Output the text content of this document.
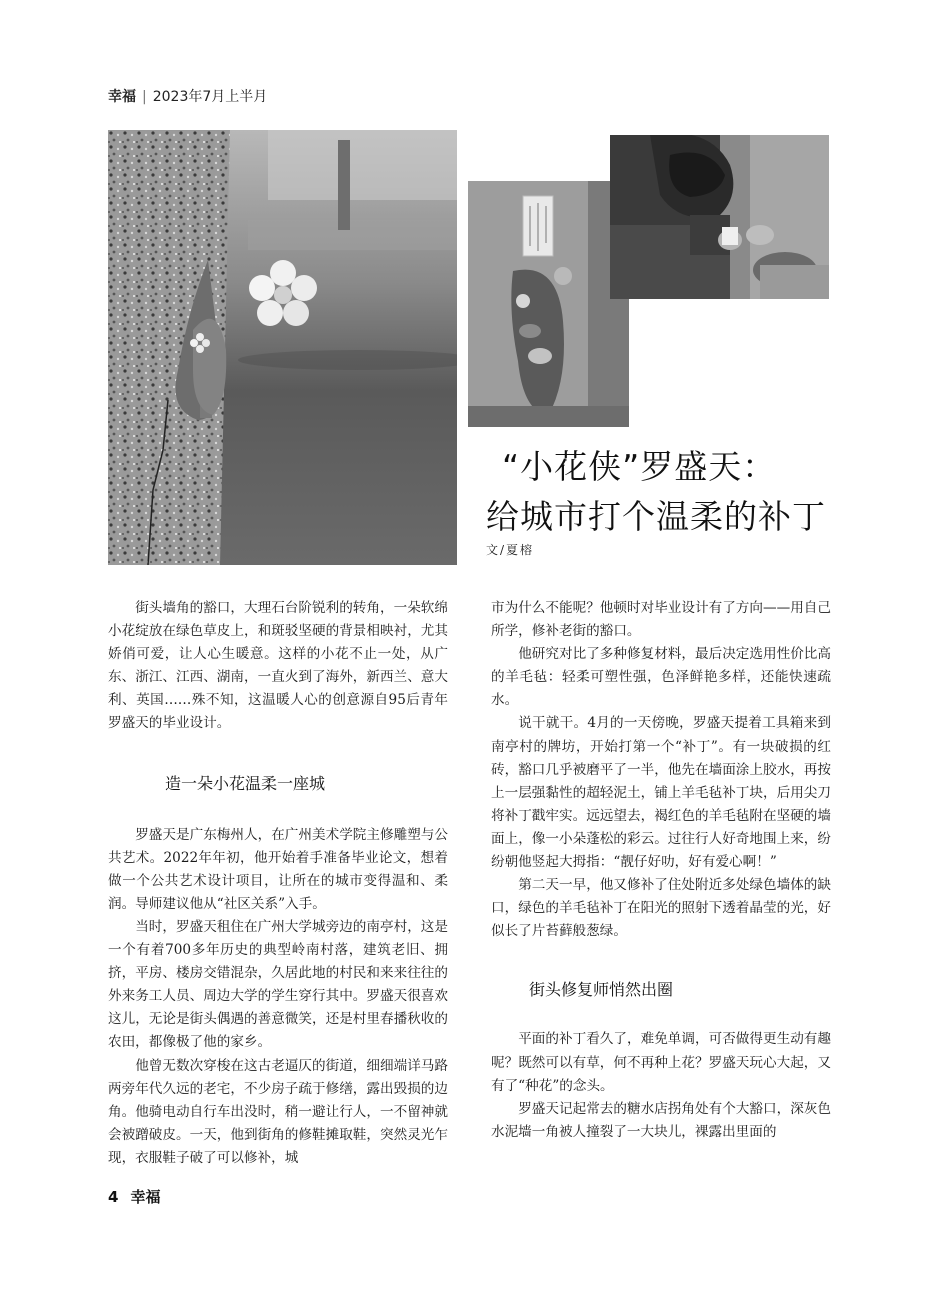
幸福 | 2023年7月上半月
“小花侠”罗盛天：
给城市打个温柔的补丁
文/夏榕

街头墙角的豁口，大理石台阶锐利的转角，一朵软绵小花绽放在绿色草皮上，和斑驳坚硬的背景相映衬，尤其娇俏可爱，让人心生暖意。这样的小花不止一处，从广东、浙江、江西、湖南，一直火到了海外，新西兰、意大利、英国……殊不知，这温暖人心的创意源自95后青年罗盛天的毕业设计。

造一朵小花温柔一座城

罗盛天是广东梅州人，在广州美术学院主修雕塑与公共艺术。2022年年初，他开始着手准备毕业论文，想着做一个公共艺术设计项目，让所在的城市变得温和、柔润。导师建议他从“社区关系”入手。

当时，罗盛天租住在广州大学城旁边的南亭村，这是一个有着700多年历史的典型岭南村落，建筑老旧、拥挤，平房、楼房交错混杂，久居此地的村民和来来往往的外来务工人员、周边大学的学生穿行其中。罗盛天很喜欢这儿，无论是街头偶遇的善意微笑，还是村里春播秋收的农田，都像极了他的家乡。

他曾无数次穿梭在这古老逼仄的街道，细细端详马路两旁年代久远的老宅，不少房子疏于修缮，露出毁损的边角。他骑电动自行车出没时，稍一避让行人，一不留神就会被蹭破皮。一天，他到街角的修鞋摊取鞋，突然灵光乍现，衣服鞋子破了可以修补，城

市为什么不能呢？他顿时对毕业设计有了方向——用自己所学，修补老街的豁口。

他研究对比了多种修复材料，最后决定选用性价比高的羊毛毡：轻柔可塑性强，色泽鲜艳多样，还能快速疏水。

说干就干。4月的一天傍晚，罗盛天提着工具箱来到南亭村的牌坊，开始打第一个“补丁”。有一块破损的红砖，豁口几乎被磨平了一半，他先在墙面涂上胶水，再按上一层强黏性的超轻泥土，铺上羊毛毡补丁块，后用尖刀将补丁戳牢实。远远望去，褐红色的羊毛毡附在坚硬的墙面上，像一小朵蓬松的彩云。过往行人好奇地围上来，纷纷朝他竖起大拇指：“靓仔好叻，好有爱心啊！”

第二天一早，他又修补了住处附近多处绿色墙体的缺口，绿色的羊毛毡补丁在阳光的照射下透着晶莹的光，好似长了片苔藓般葱绿。

街头修复师悄然出圈

平面的补丁看久了，难免单调，可否做得更生动有趣呢？既然可以有草，何不再种上花？罗盛天玩心大起，又有了“种花”的念头。

罗盛天记起常去的糖水店拐角处有个大豁口，深灰色水泥墙一角被人撞裂了一大块儿，裸露出里面的

4 幸福
